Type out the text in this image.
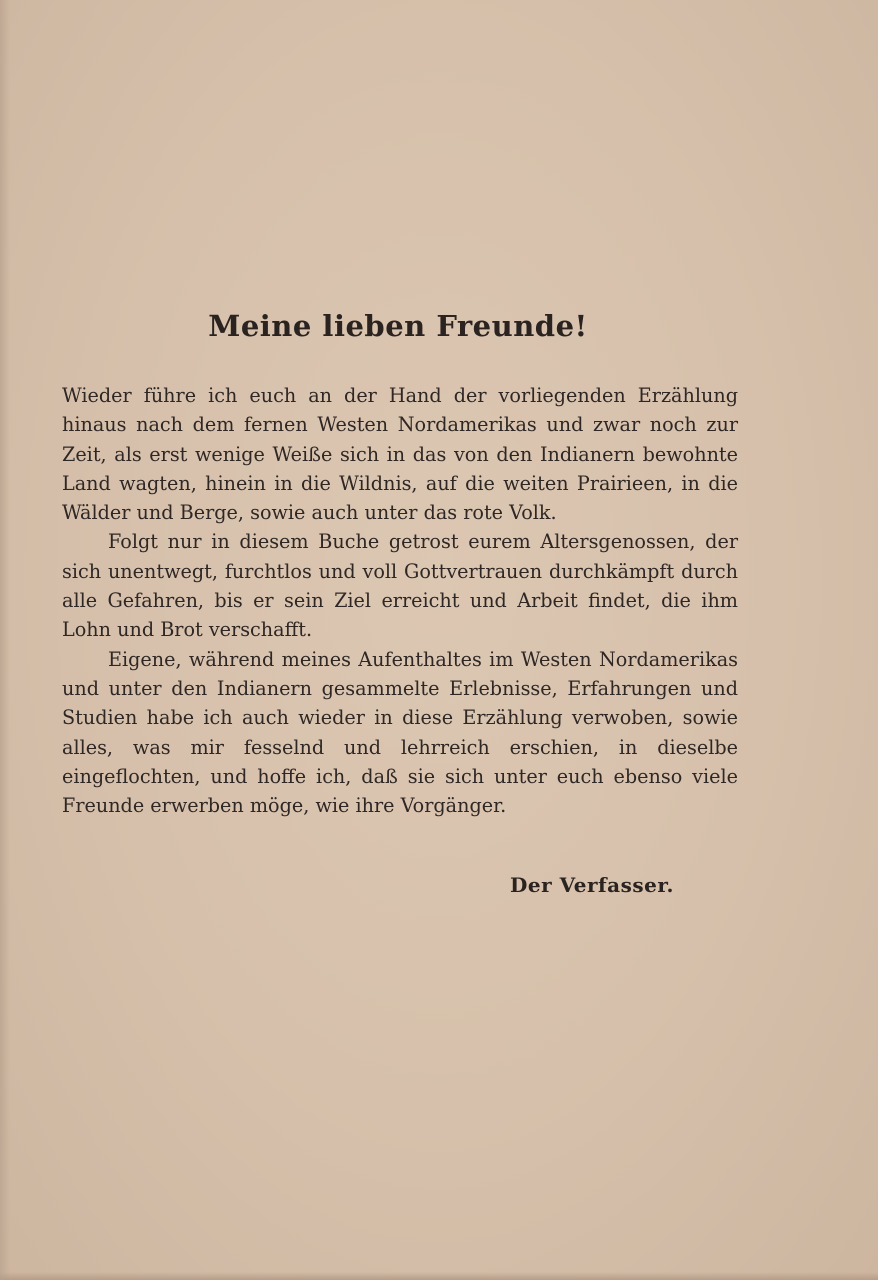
Meine lieben Freunde!

Wieder führe ich euch an der Hand der vorliegenden Erzählung hinaus nach dem fernen Westen Nordamerikas und zwar noch zur Zeit, als erst wenige Weiße sich in das von den Indianern bewohnte Land wagten, hinein in die Wildnis, auf die weiten Prairieen, in die Wälder und Berge, sowie auch unter das rote Volk.

Folgt nur in diesem Buche getrost eurem Altersgenossen, der sich unentwegt, furchtlos und voll Gottvertrauen durchkämpft durch alle Gefahren, bis er sein Ziel erreicht und Arbeit findet, die ihm Lohn und Brot verschafft.

Eigene, während meines Aufenthaltes im Westen Nordamerikas und unter den Indianern gesammelte Erlebnisse, Erfahrungen und Studien habe ich auch wieder in diese Erzählung verwoben, sowie alles, was mir fesselnd und lehrreich erschien, in dieselbe eingeflochten, und hoffe ich, daß sie sich unter euch ebenso viele Freunde erwerben möge, wie ihre Vorgänger.

Der Verfasser.
